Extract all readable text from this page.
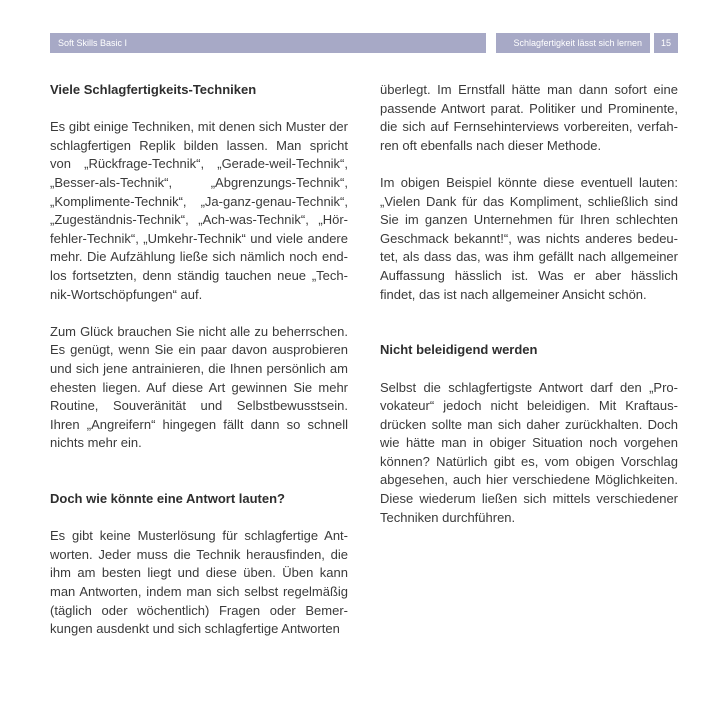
Soft Skills Basic I	Schlagfertigkeit lässt sich lernen	15
Viele Schlagfertigkeits-Techniken

Es gibt einige Techniken, mit denen sich Muster der schlagfertigen Replik bilden lassen. Man spricht von „Rückfrage-Technik“, „Gerade-weil-Technik“, „Besser-als-Technik“, „Abgrenzungs-Technik“, „Komplimente-Technik“, „Ja-ganz-genau-Technik“, „Zugeständnis-Technik“, „Ach-was-Technik“, „Hörfehler-Technik“, „Umkehr-Technik“ und viele andere mehr. Die Aufzählung ließe sich nämlich noch endlos fortsetzten, denn ständig tauchen neue „Technik-Wortschöpfungen“ auf.

Zum Glück brauchen Sie nicht alle zu beherrschen. Es genügt, wenn Sie ein paar davon ausprobieren und sich jene antrainieren, die Ihnen persönlich am ehesten liegen. Auf diese Art gewinnen Sie mehr Routine, Souveränität und Selbstbewusstsein. Ihren „Angreifern“ hingegen fällt dann so schnell nichts mehr ein.

Doch wie könnte eine Antwort lauten?

Es gibt keine Musterlösung für schlagfertige Antworten. Jeder muss die Technik herausfinden, die ihm am besten liegt und diese üben. Üben kann man Antworten, indem man sich selbst regelmäßig (täglich oder wöchentlich) Fragen oder Bemerkungen ausdenkt und sich schlagfertige Antworten

überlegt. Im Ernstfall hätte man dann sofort eine passende Antwort parat. Politiker und Prominente, die sich auf Fernsehinterviews vorbereiten, verfahren oft ebenfalls nach dieser Methode.

Im obigen Beispiel könnte diese eventuell lauten: „Vielen Dank für das Kompliment, schließlich sind Sie im ganzen Unternehmen für Ihren schlechten Geschmack bekannt!“, was nichts anderes bedeutet, als dass das, was ihm gefällt nach allgemeiner Auffassung hässlich ist. Was er aber hässlich findet, das ist nach allgemeiner Ansicht schön.

Nicht beleidigend werden

Selbst die schlagfertigste Antwort darf den „Provokateur“ jedoch nicht beleidigen. Mit Kraftausdrücken sollte man sich daher zurückhalten. Doch wie hätte man in obiger Situation noch vorgehen können? Natürlich gibt es, vom obigen Vorschlag abgesehen, auch hier verschiedene Möglichkeiten. Diese wiederum ließen sich mittels verschiedener Techniken durchführen.
